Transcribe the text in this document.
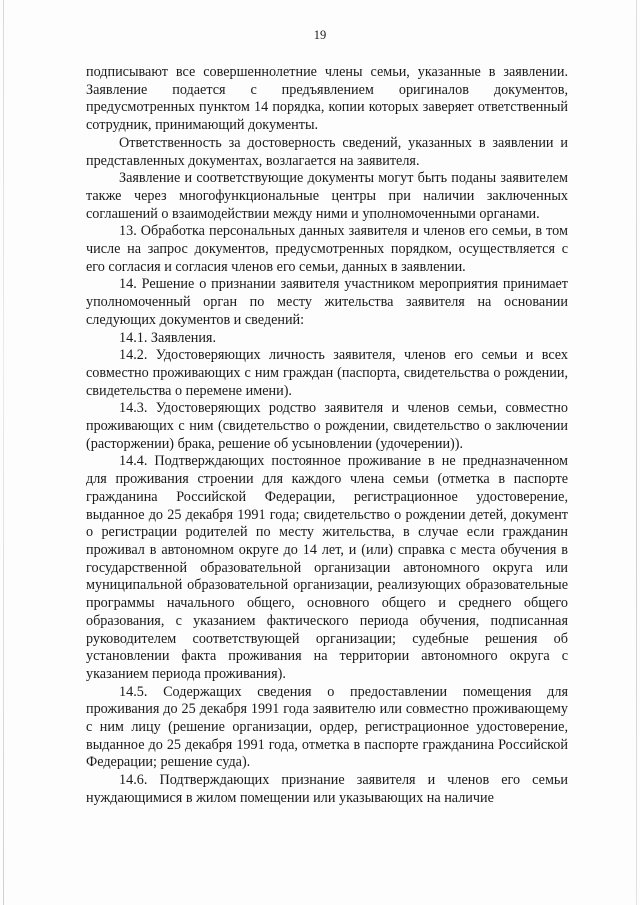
19

подписывают все совершеннолетние члены семьи, указанные в заявлении. Заявление подается с предъявлением оригиналов документов, предусмотренных пунктом 14 порядка, копии которых заверяет ответственный сотрудник, принимающий документы.

Ответственность за достоверность сведений, указанных в заявлении и представленных документах, возлагается на заявителя.

Заявление и соответствующие документы могут быть поданы заявителем также через многофункциональные центры при наличии заключенных соглашений о взаимодействии между ними и уполномоченными органами.

13. Обработка персональных данных заявителя и членов его семьи, в том числе на запрос документов, предусмотренных порядком, осуществляется с его согласия и согласия членов его семьи, данных в заявлении.

14. Решение о признании заявителя участником мероприятия принимает уполномоченный орган по месту жительства заявителя на основании следующих документов и сведений:

14.1. Заявления.

14.2. Удостоверяющих личность заявителя, членов его семьи и всех совместно проживающих с ним граждан (паспорта, свидетельства о рождении, свидетельства о перемене имени).

14.3. Удостоверяющих родство заявителя и членов семьи, совместно проживающих с ним (свидетельство о рождении, свидетельство о заключении (расторжении) брака, решение об усыновлении (удочерении)).

14.4. Подтверждающих постоянное проживание в не предназначенном для проживания строении для каждого члена семьи (отметка в паспорте гражданина Российской Федерации, регистрационное удостоверение, выданное до 25 декабря 1991 года; свидетельство о рождении детей, документ о регистрации родителей по месту жительства, в случае если гражданин проживал в автономном округе до 14 лет, и (или) справка с места обучения в государственной образовательной организации автономного округа или муниципальной образовательной организации, реализующих образовательные программы начального общего, основного общего и среднего общего образования, с указанием фактического периода обучения, подписанная руководителем соответствующей организации; судебные решения об установлении факта проживания на территории автономного округа с указанием периода проживания).

14.5. Содержащих сведения о предоставлении помещения для проживания до 25 декабря 1991 года заявителю или совместно проживающему с ним лицу (решение организации, ордер, регистрационное удостоверение, выданное до 25 декабря 1991 года, отметка в паспорте гражданина Российской Федерации; решение суда).

14.6. Подтверждающих признание заявителя и членов его семьи нуждающимися в жилом помещении или указывающих на наличие
